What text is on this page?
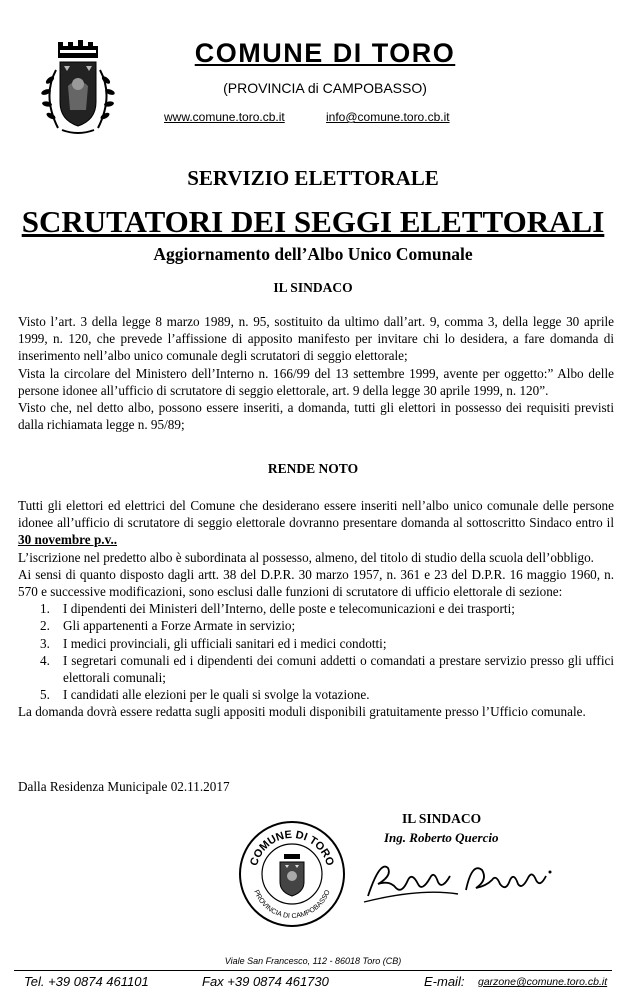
COMUNE DI TORO
(PROVINCIA di CAMPOBASSO)
www.comune.toro.cb.it	info@comune.toro.cb.it
SERVIZIO ELETTORALE
SCRUTATORI DEI SEGGI ELETTORALI
Aggiornamento dell’Albo Unico Comunale
IL SINDACO

Visto l’art. 3 della legge 8 marzo 1989, n. 95, sostituito da ultimo dall’art. 9, comma 3, della legge 30 aprile 1999, n. 120, che prevede l’affissione di apposito manifesto per invitare chi lo desidera, a fare domanda di inserimento nell’albo unico comunale degli scrutatori di seggio elettorale;

Vista la circolare del Ministero dell’Interno n. 166/99 del 13 settembre 1999, avente per oggetto:” Albo delle persone idonee all’ufficio di scrutatore di seggio elettorale, art. 9 della legge 30 aprile 1999, n. 120”.

Visto che, nel detto albo, possono essere inseriti, a domanda, tutti gli elettori in possesso dei requisiti previsti dalla richiamata legge n. 95/89;

RENDE NOTO

Tutti gli elettori ed elettrici del Comune che desiderano essere inseriti nell’albo unico comunale delle persone idonee all’ufficio di scrutatore di seggio elettorale dovranno presentare domanda al sottoscritto Sindaco entro il 30 novembre p.v..

L’iscrizione nel predetto albo è subordinata al possesso, almeno, del titolo di studio della scuola dell’obbligo.

Ai sensi di quanto disposto dagli artt. 38 del D.P.R. 30 marzo 1957, n. 361 e 23 del D.P.R. 16 maggio 1960, n. 570 e successive modificazioni, sono esclusi dalle funzioni di scrutatore di ufficio elettorale di sezione:

1. I dipendenti dei Ministeri dell’Interno, delle poste e telecomunicazioni e dei trasporti;
2. Gli appartenenti a Forze Armate in servizio;
3. I medici provinciali, gli ufficiali sanitari ed i medici condotti;
4. I segretari comunali ed i dipendenti dei comuni addetti o comandati a prestare servizio presso gli uffici elettorali comunali;
5. I candidati alle elezioni per le quali si svolge la votazione.

La domanda dovrà essere redatta sugli appositi moduli disponibili gratuitamente presso l’Ufficio comunale.

Dalla Residenza Municipale 02.11.2017
IL SINDACO
Ing. Roberto Quercio
COMUNE DI TORO
PROVINCIA DI CAMPOBASSO
Viale San Francesco, 112 - 86018 Toro (CB)
Tel. +39 0874 461101	Fax +39 0874 461730	E-mail: garzone@comune.toro.cb.it
